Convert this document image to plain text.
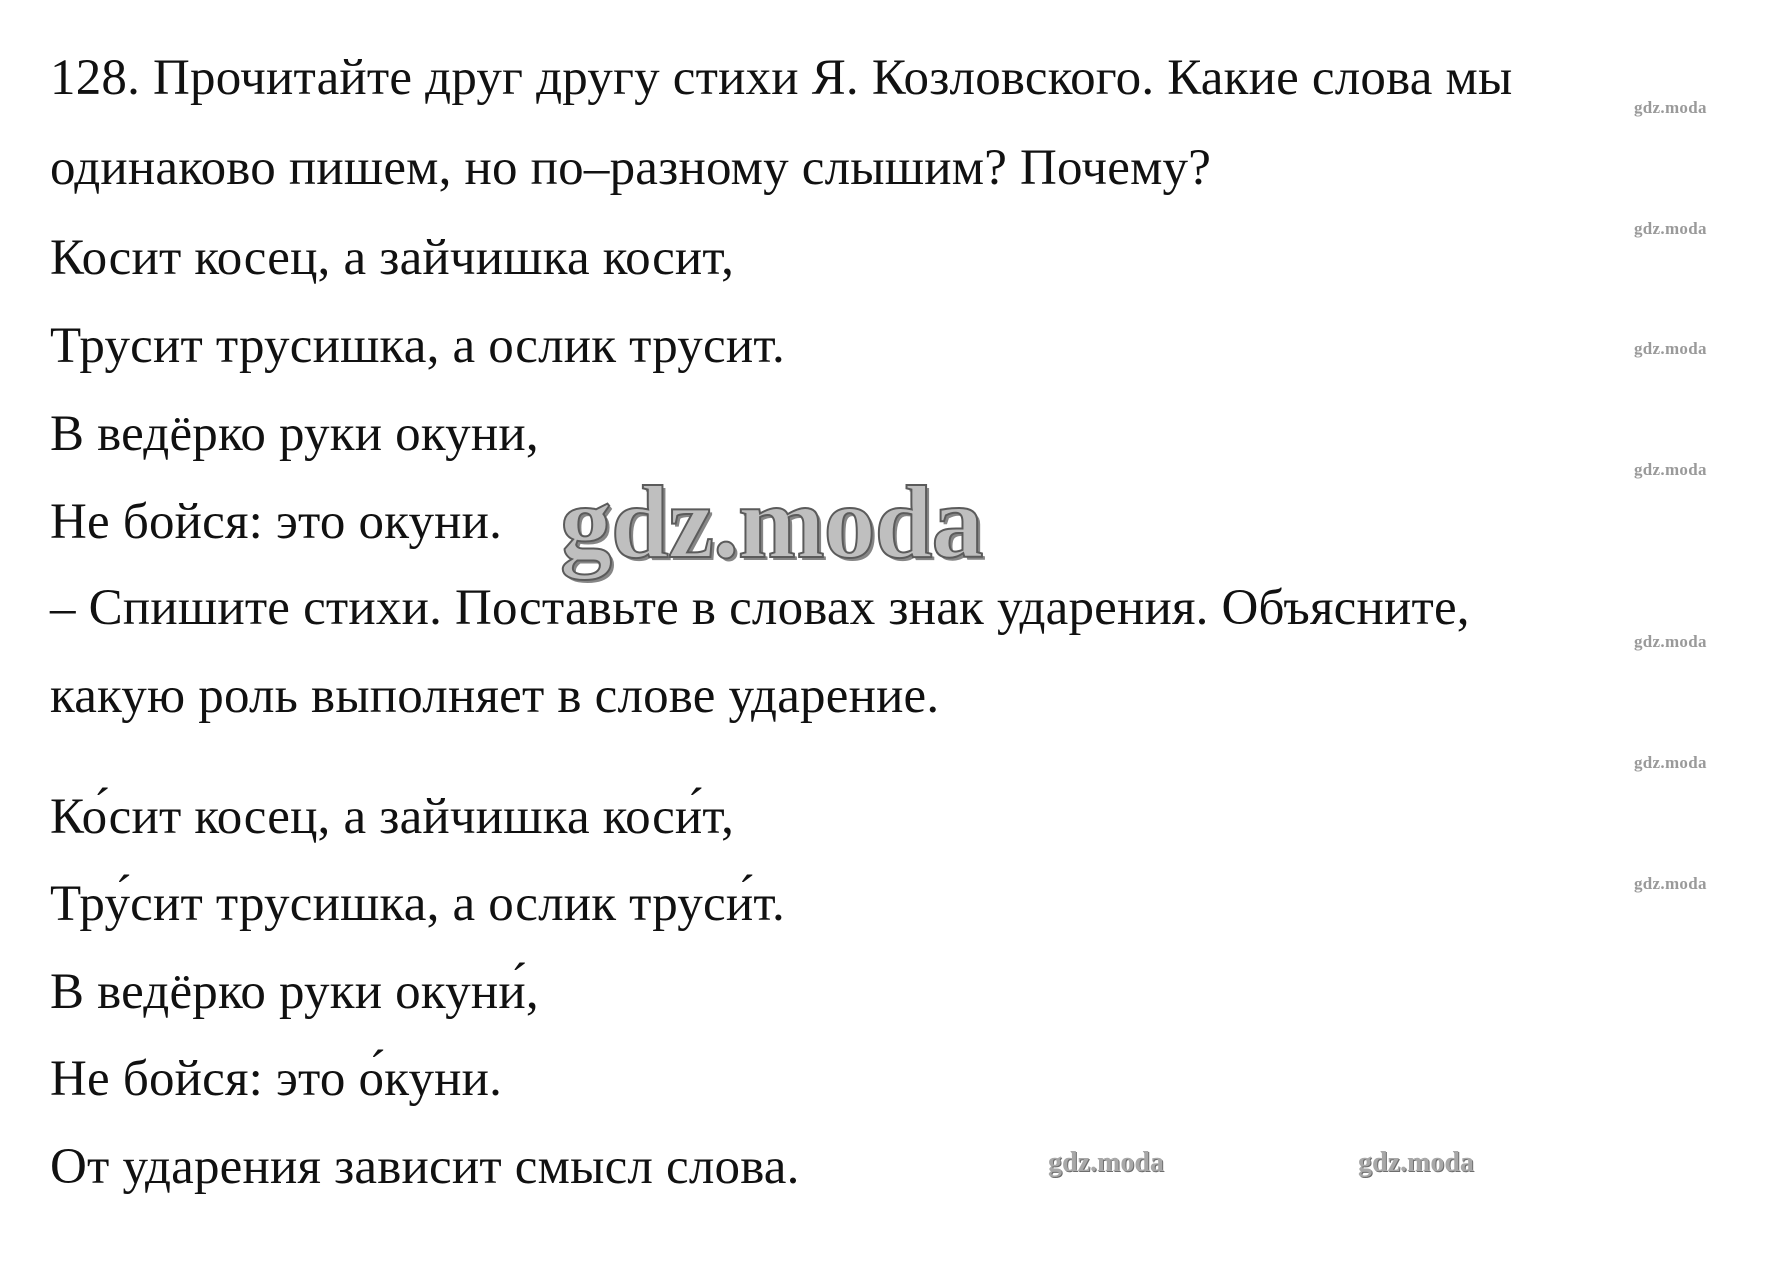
128. Прочитайте друг другу стихи Я. Козловского. Какие слова мы
одинаково пишем, но по‒разному слышим? Почему?
Косит косец, а зайчишка косит,
Трусит трусишка, а ослик трусит.
В ведёрко руки окуни,
Не бойся: это окуни.
‒ Спишите стихи. Поставьте в словах знак ударения. Объясните,
какую роль выполняет в слове ударение.
Ко́сит косец, а зайчишка коси́т,
Тру́сит трусишка, а ослик труси́т.
В ведёрко руки окуни́,
Не бойся: это о́куни.
От ударения зависит смысл слова.
gdz.moda
gdz.moda
gdz.moda
gdz.moda
gdz.moda
gdz.moda
gdz.moda
gdz.moda
gdz.moda	gdz.moda
